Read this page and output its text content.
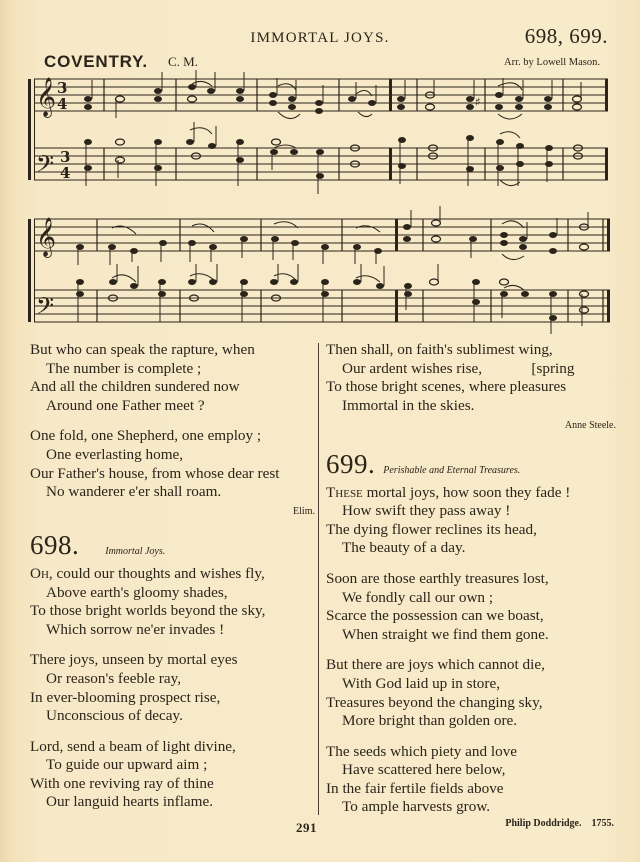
IMMORTAL JOYS.	698, 699.
COVENTRY. C. M.	Arr. by Lowell Mason.
𝄞
𝄢
𝄞
𝄢
3
4
3
4
♯
But who can speak the rapture, when
The number is complete ;
And all the children sundered now
Around one Father meet ?
One fold, one Shepherd, one employ ;
One everlasting home,
Our Father's house, from whose dear rest
No wanderer e'er shall roam.
Elim.
698.	Immortal Joys.
Oh, could our thoughts and wishes fly,
Above earth's gloomy shades,
To those bright worlds beyond the sky,
Which sorrow ne'er invades !
There joys, unseen by mortal eyes
Or reason's feeble ray,
In ever-blooming prospect rise,
Unconscious of decay.
Lord, send a beam of light divine,
To guide our upward aim ;
With one reviving ray of thine
Our languid hearts inflame.
Then shall, on faith's sublimest wing,
Our ardent wishes rise,             [spring
To those bright scenes, where pleasures
Immortal in the skies.
Anne Steele.
699. Perishable and Eternal Treasures.
These mortal joys, how soon they fade !
How swift they pass away !
The dying flower reclines its head,
The beauty of a day.
Soon are those earthly treasures lost,
We fondly call our own ;
Scarce the possession can we boast,
When straight we find them gone.
But there are joys which cannot die,
With God laid up in store,
Treasures beyond the changing sky,
More bright than golden ore.
The seeds which piety and love
Have scattered here below,
In the fair fertile fields above
To ample harvests grow.
291	Philip Doddridge. 1755.
